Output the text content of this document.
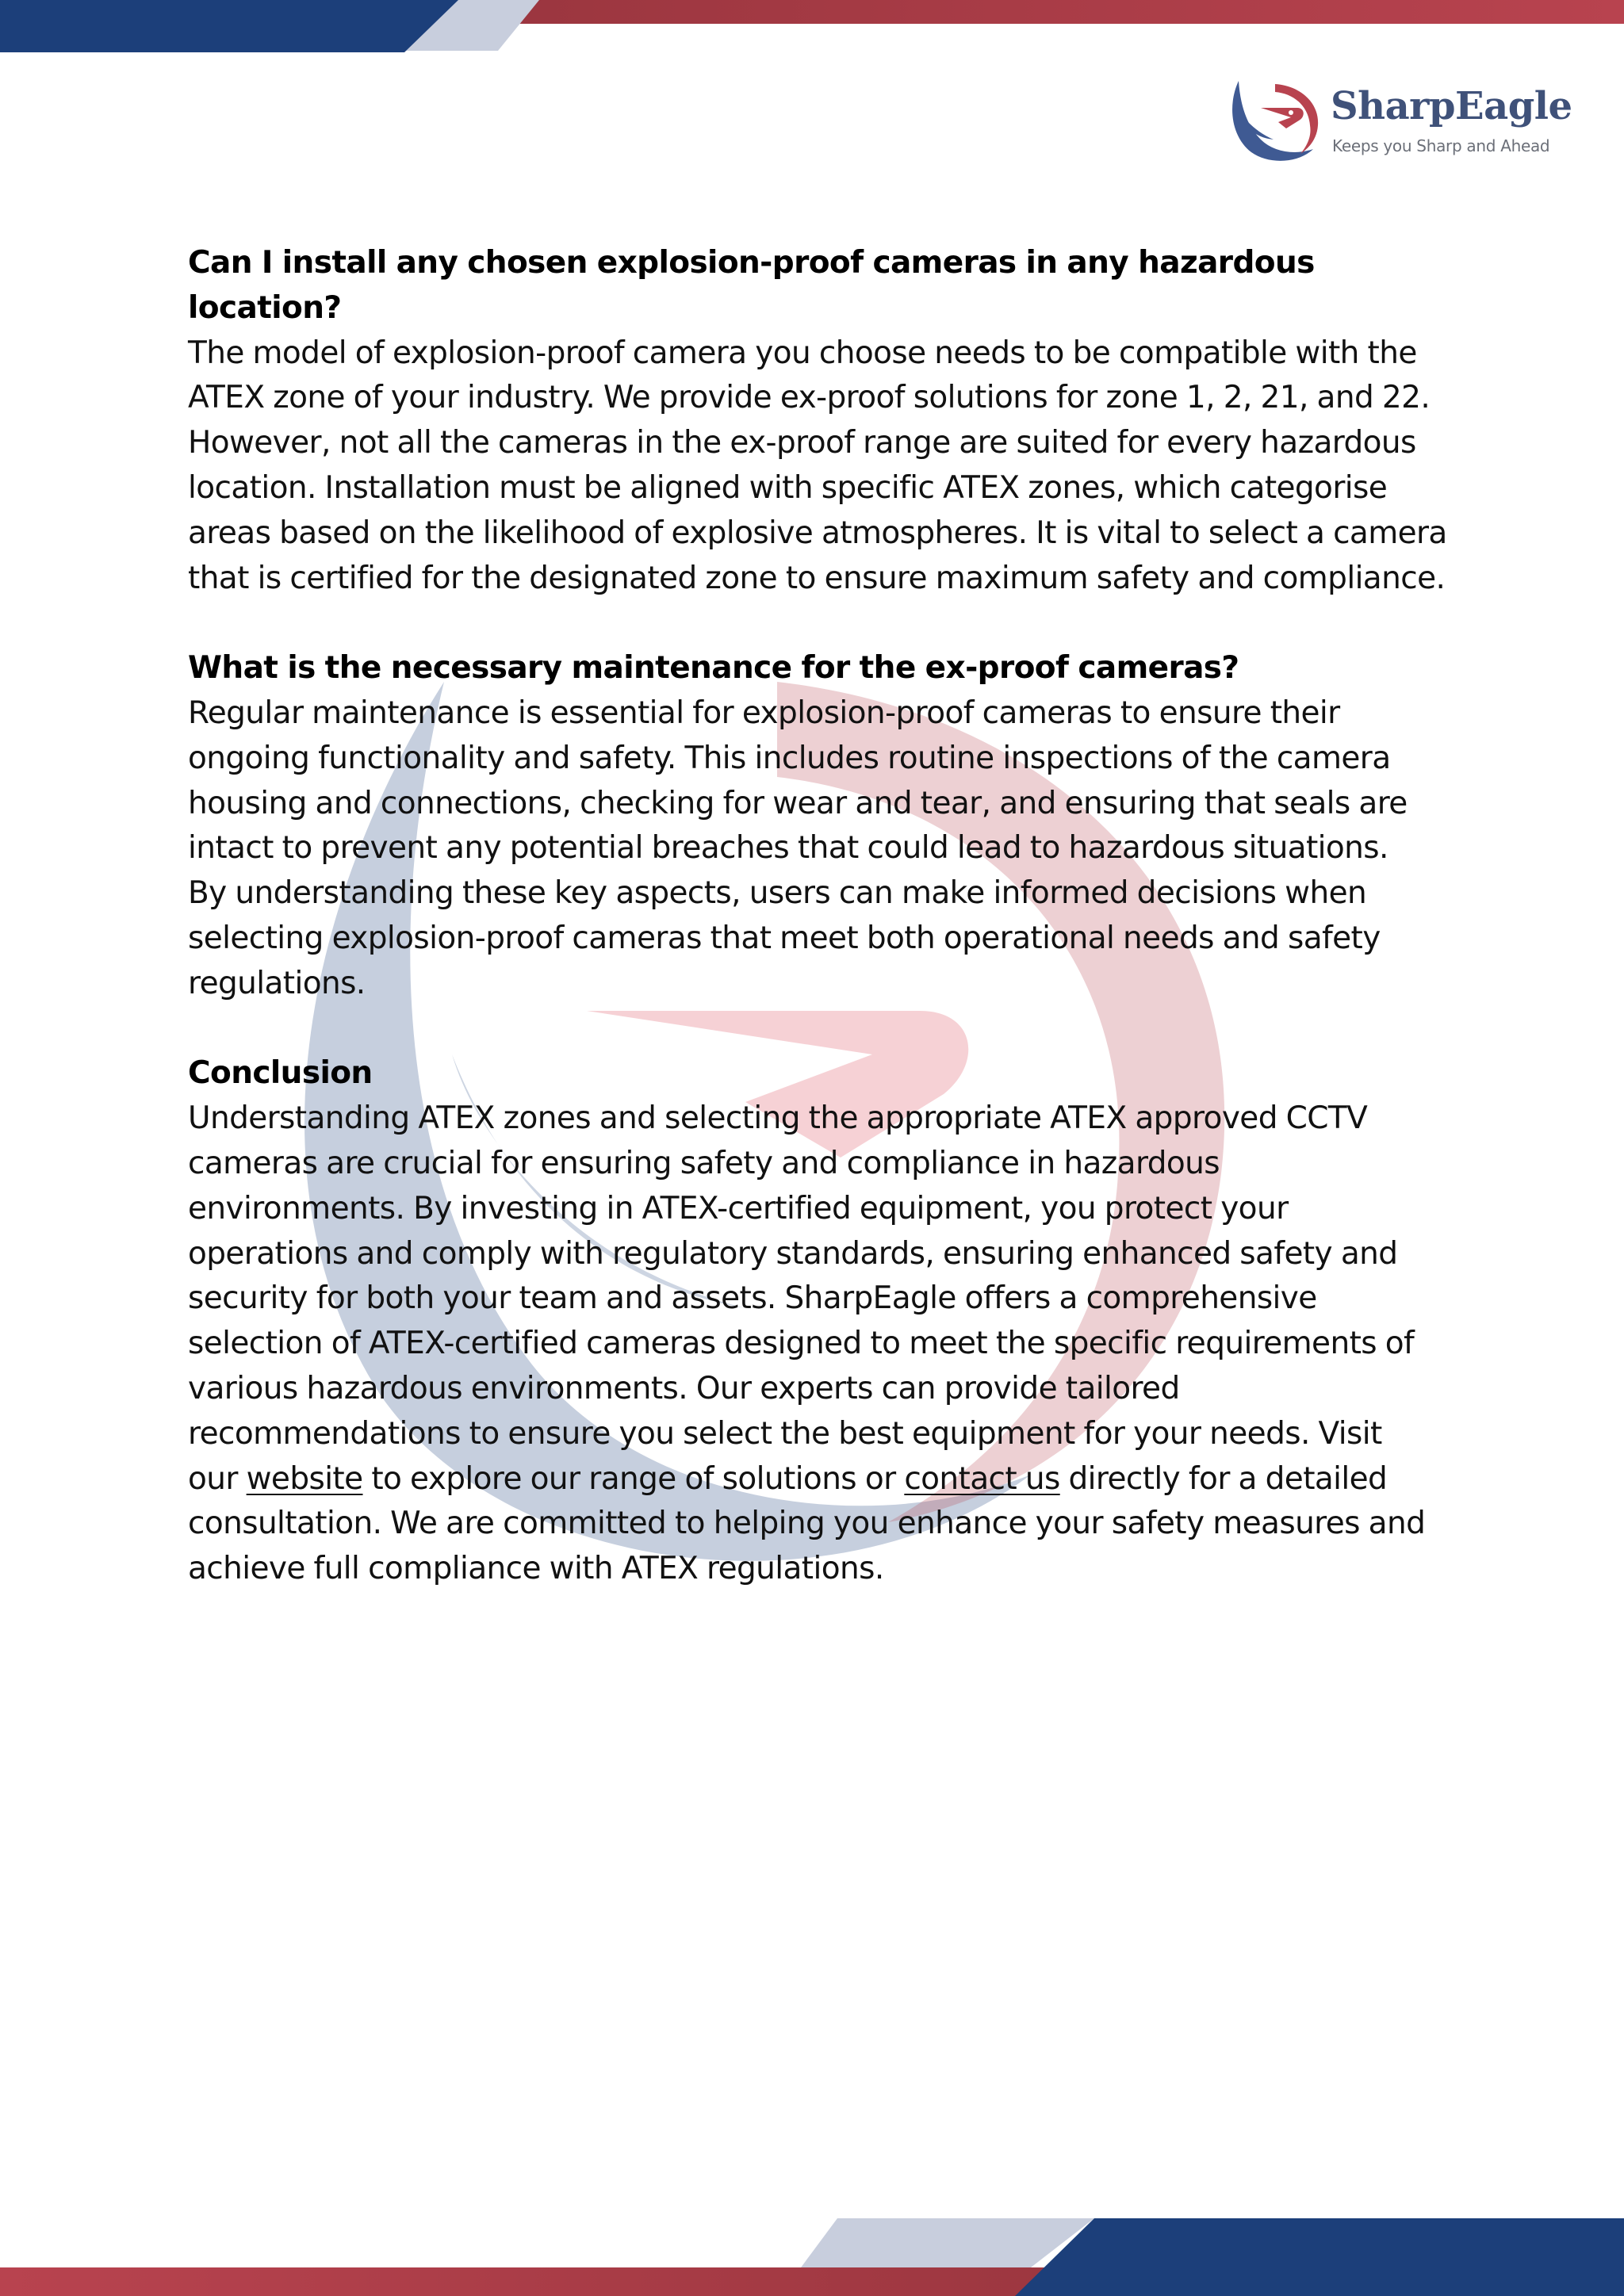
SharpEagle
Keeps you Sharp and Ahead
Can I install any chosen explosion-proof cameras in any hazardous location?

The model of explosion-proof camera you choose needs to be compatible with the
ATEX zone of your industry. We provide ex-proof solutions for zone 1, 2, 21, and 22.
However, not all the cameras in the ex-proof range are suited for every hazardous
location. Installation must be aligned with specific ATEX zones, which categorise
areas based on the likelihood of explosive atmospheres. It is vital to select a camera
that is certified for the designated zone to ensure maximum safety and compliance.

What is the necessary maintenance for the ex-proof cameras?

Regular maintenance is essential for explosion-proof cameras to ensure their
ongoing functionality and safety. This includes routine inspections of the camera
housing and connections, checking for wear and tear, and ensuring that seals are
intact to prevent any potential breaches that could lead to hazardous situations.
By understanding these key aspects, users can make informed decisions when
selecting explosion-proof cameras that meet both operational needs and safety
regulations.

Conclusion

Understanding ATEX zones and selecting the appropriate ATEX approved CCTV
cameras are crucial for ensuring safety and compliance in hazardous
environments. By investing in ATEX-certified equipment, you protect your
operations and comply with regulatory standards, ensuring enhanced safety and
security for both your team and assets. SharpEagle offers a comprehensive
selection of ATEX-certified cameras designed to meet the specific requirements of
various hazardous environments. Our experts can provide tailored
recommendations to ensure you select the best equipment for your needs. Visit
our website to explore our range of solutions or contact us directly for a detailed
consultation. We are committed to helping you enhance your safety measures and
achieve full compliance with ATEX regulations.
